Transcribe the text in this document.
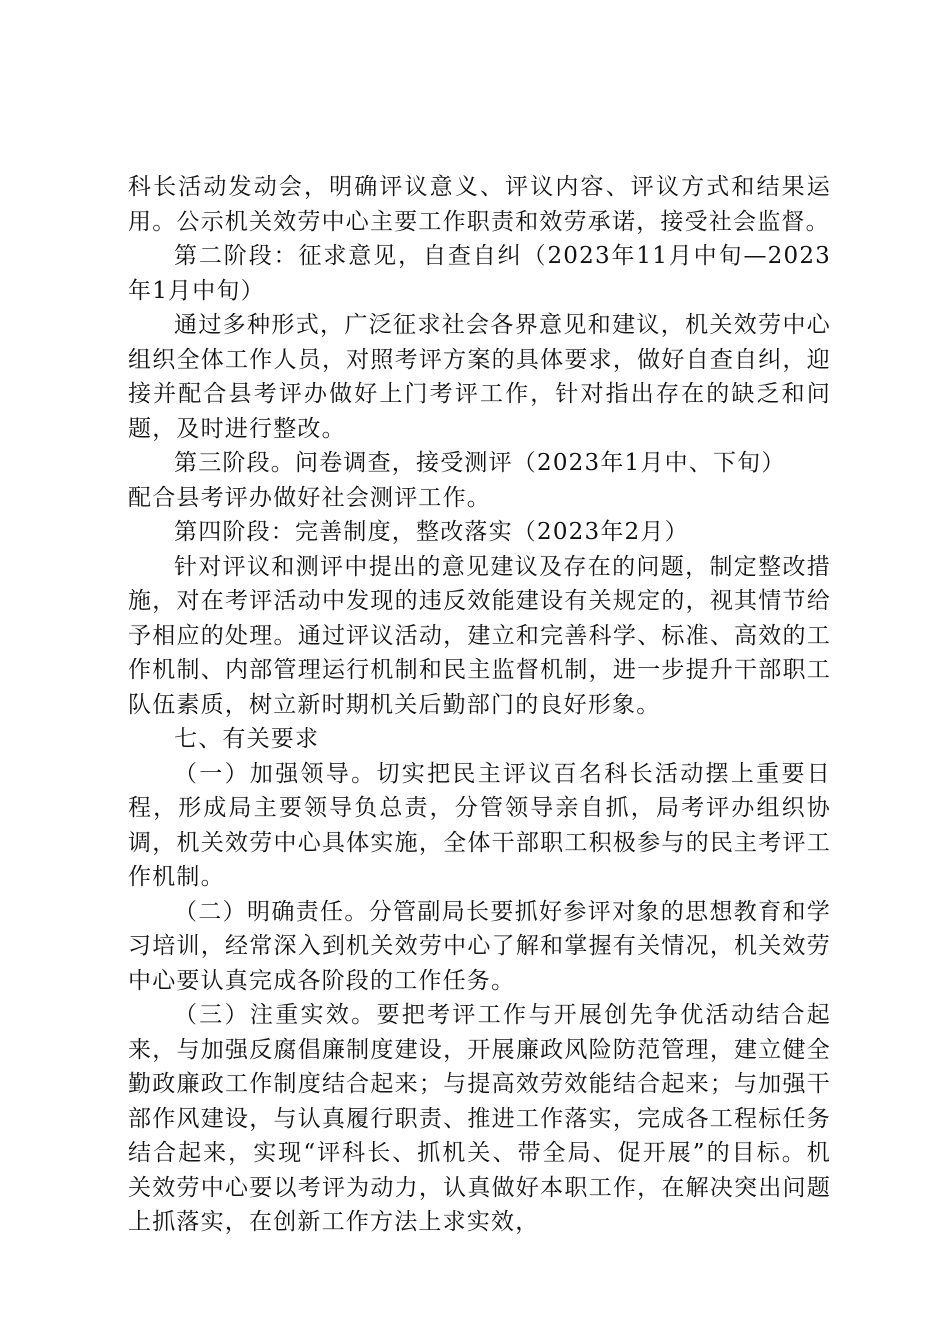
科长活动发动会，明确评议意义、评议内容、评议方式和结果运用。公示机关效劳中心主要工作职责和效劳承诺，接受社会监督。

第二阶段：征求意见，自查自纠（2023年11月中旬—2023年1月中旬）

通过多种形式，广泛征求社会各界意见和建议，机关效劳中心组织全体工作人员，对照考评方案的具体要求，做好自查自纠，迎接并配合县考评办做好上门考评工作，针对指出存在的缺乏和问题，及时进行整改。

第三阶段。问卷调查，接受测评（2023年1月中、下旬）

配合县考评办做好社会测评工作。

第四阶段：完善制度，整改落实（2023年2月）

针对评议和测评中提出的意见建议及存在的问题，制定整改措施，对在考评活动中发现的违反效能建设有关规定的，视其情节给予相应的处理。通过评议活动，建立和完善科学、标准、高效的工作机制、内部管理运行机制和民主监督机制，进一步提升干部职工队伍素质，树立新时期机关后勤部门的良好形象。

七、有关要求

（一）加强领导。切实把民主评议百名科长活动摆上重要日程，形成局主要领导负总责，分管领导亲自抓，局考评办组织协调，机关效劳中心具体实施，全体干部职工积极参与的民主考评工作机制。

（二）明确责任。分管副局长要抓好参评对象的思想教育和学习培训，经常深入到机关效劳中心了解和掌握有关情况，机关效劳中心要认真完成各阶段的工作任务。

（三）注重实效。要把考评工作与开展创先争优活动结合起来，与加强反腐倡廉制度建设，开展廉政风险防范管理，建立健全勤政廉政工作制度结合起来；与提高效劳效能结合起来；与加强干部作风建设，与认真履行职责、推进工作落实，完成各工程标任务结合起来，实现“评科长、抓机关、带全局、促开展”的目标。机关效劳中心要以考评为动力，认真做好本职工作，在解决突出问题上抓落实，在创新工作方法上求实效，
